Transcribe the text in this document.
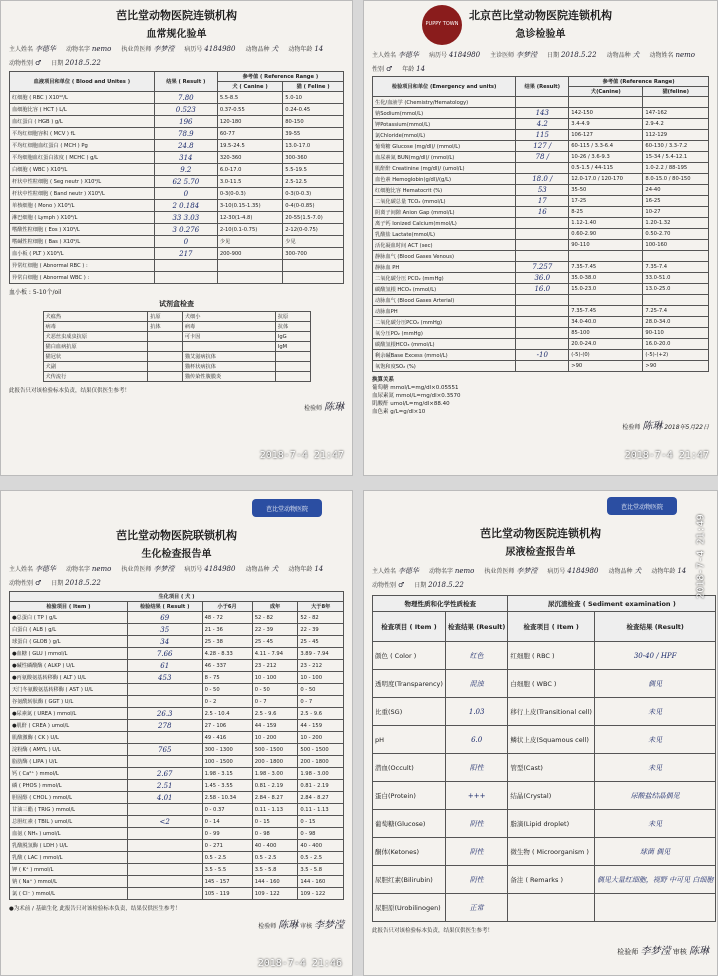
芭比堂动物医院连锁机构
血常规化验单
主人姓名 李德华 动物名字 nemo 执业兽医师 李梦滢 病历号 4184980 动物品种 犬 动物年龄 14
动物性别 ♂ 日期 2018.5.22
血液项目和单位 ( Blood and Unites )	结果 ( Result )	参考值 ( Reference Range )	
		犬 ( Canine )	猫 ( Feline )
红细胞 ( RBC ) X10¹²/L	7.80	5.5-8.5	5.0-10
血细胞比容 ( HCT ) L/L	0.523	0.37-0.55	0.24-0.45
血红蛋白 ( HGB ) g/L	196	120-180	80-150
平均红细胞容积 ( MCV ) fL	78.9	60-77	39-55
平均红细胞血红蛋白 ( MCH ) Pg	24.8	19.5-24.5	13.0-17.0
平均细胞血红蛋白浓度 ( MCHC ) g/L	314	320-360	300-360
白细胞 ( WBC ) X10⁹/L	9.2	6.0-17.0	5.5-19.5
杆状中性粒细胞 ( Seg neutr ) X10⁹/L	62 5.70	3.0-11.5	2.5-12.5
杆状中性粒细胞 ( Band neutr ) X10⁹/L	0	0-3(0-0.3)	0-3(0-0.3)
单核细胞 ( Mono ) X10⁹/L	2 0.184	3-10(0.15-1.35)	0-4(0-0.85)
淋巴细胞 ( Lymph ) X10⁹/L	33 3.03	12-30(1-4.8)	20-55(1.5-7.0)
嗜酸性粒细胞 ( Eos ) X10⁹/L	3 0.276	2-10(0.1-0.75)	2-12(0-0.75)
嗜碱性粒细胞 ( Bas ) X10⁹/L	0	少见	少见
血小板 ( PLT ) X10⁹/L	217	200-900	300-700
异常红细胞 ( Abnormal RBC ) :			
异常白细胞 ( Abnormal WBC ) :			
血小板 : 5-10个/oil
试剂盒检查
犬瘟热	抗原	犬细小	抗原
病毒	抗体	病毒	抗体
犬恶丝虫成虫抗原		可卡因	IgG
猫白血病抗原			IgM
猫冠状		猫艾滋病抗体	
犬副		猫杯状病抗体	
犬传流行		猫传染性腹膜炎	
此报告只对该检验标本负责，结果仅供医生参考！
检验师 陈琳
2018-7-4 21:47
PUPPY TOWN
北京芭比堂动物医院连锁机构
急诊检验单
主人姓名 李德华 病历号 4184980 主诊医师 李梦滢 日期 2018.5.22 动物品种 犬 动物姓名 nemo
性别 ♂ 年龄 14
检验项目和单位 (Emergency and units)	结果 (Result)	参考值 (Reference Range)	
		犬(Canine)	猫(feline)
生化/血液学 (Chemistry/Hematology)			
钠Sodium(mmol/L)	143	142-150	147-162
钾Potassium(mmol/L)	4.2	3.4-4.9	2.9-4.2
氯Chloride(mmol/L)	115	106-127	112-129
葡萄糖 Glucose (mg/dl)/ (mmol/L)	127 /	60-115 / 3.3-6.4	60-130 / 3.3-7.2
血尿素氮 BUN(mg/dl)/ (mmol/L)	78 /	10-26 / 3.6-9.3	15-34 / 5.4-12.1
肌酐酐 Creatinine (mg/dl)/ (umol/L)		0.5-1.5 / 44-115	1.0-2.2 / 88-195
血色素 Hemoglobin(g/dl)/(g/L)	18.0 /	12.0-17.0 / 120-170	8.0-15.0 / 80-150
红细胞比容 Hematocrit (%)	53	35-50	24-40
二氧化碳总量 TCO₂ (mmol/L)	17	17-25	16-25
阴离子间隙 Anion Gap (mmol/L)	16	8-25	10-27
离子钙 Ionized Calcium(mmol/L)		1.12-1.40	1.20-1.32
乳酸盐 Lactate(mmol/L)		0.60-2.90	0.50-2.70
活化凝血时间 ACT (sec)		90-110	100-160
静脉血气 (Blood Gases Venous)			
静脉血 PH	7.257	7.35-7.45	7.35-7.4
二氧化碳分压 PCO₂ (mmHg)	36.0	35.0-38.0	33.0-51.0
碳酸氢根 HCO₃ (mmol/L)	16.0	15.0-23.0	13.0-25.0
动脉血气 (Blood Gases Arterial)			
动脉血PH		7.35-7.45	7.25-7.4
二氧化碳分压PCO₂ (mmHg)		34.0-40.0	28.0-34.0
氧分压PO₂ (mmHg)		85-100	90-110
碳酸氢根HCO₃ (mmol/L)		20.0-24.0	16.0-20.0
剩余碱Base Excess (mmol/L)	-10	(-5)-(0)	(-5)-(+2)
氧饱和度SO₂ (%)		>90	>90
换算关系
葡萄糖 mmol/L=mg/dl×0.05551
血尿素氮 mmol/L=mg/dl×0.3570
肌酸酐 umol/L=mg/dl×88.40
血色素 g/L=g/dl×10
检验师 陈琳 2018年5月22日
2018-7-4 21:47
芭比堂动物医院
芭比堂动物医院联锁机构
生化检查报告单
主人姓名 李德华 动物名字 nemo 执业兽医师 李梦滢 病历号 4184980 动物品种 犬 动物年龄 14
动物性别 ♂ 日期 2018.5.22
生化项目 ( 犬 )				
检验项目 ( Item )	检验结果 ( Result )	小于6月	成年	大于8年
●总蛋白 ( TP ) g/L	69	48 - 72	52 - 82	52 - 82
白蛋白 ( ALB ) g/L	35	21 - 36	22 - 39	22 - 39
球蛋白 ( GLOB ) g/L	34	25 - 38	25 - 45	25 - 45
●血糖 ( GLU ) mmol/L	7.66	4.28 - 8.33	4.11 - 7.94	3.89 - 7.94
●碱性磷酸酶 ( ALKP ) U/L	61	46 - 337	23 - 212	23 - 212
●丙氨酸氨基转移酶 ( ALT ) U/L	453	8 - 75	10 - 100	10 - 100
天门冬氨酸氨基转移酶 ( AST ) U/L		0 - 50	0 - 50	0 - 50
谷氨酰转肽酶 ( GGT ) U/L		0 - 2	0 - 7	0 - 7
●尿素氮 ( UREA ) mmol/L	26.3	2.5 - 10.4	2.5 - 9.6	2.5 - 9.6
●肌酐 ( CREA ) umol/L	278	27 - 106	44 - 159	44 - 159
肌酸激酶 ( CK ) U/L		49 - 416	10 - 200	10 - 200
淀粉酶 ( AMYL ) U/L	765	300 - 1300	500 - 1500	500 - 1500
脂肪酶 ( LIPA ) U/L		100 - 1500	200 - 1800	200 - 1800
钙 ( Ca²⁺ ) mmol/L	2.67	1.98 - 3.15	1.98 - 3.00	1.98 - 3.00
磷 ( PHOS ) mmol/L	2.51	1.45 - 3.55	0.81 - 2.19	0.81 - 2.19
胆固醇 ( CHOL ) mmol/L	4.01	2.58 - 10.34	2.84 - 8.27	2.84 - 8.27
甘油三酯 ( TRIG ) mmol/L		0 - 0.37	0.11 - 1.13	0.11 - 1.13
总胆红素 ( TBIL ) umol/L	<2	0 - 14	0 - 15	0 - 15
血氨 ( NH₃ ) umol/L		0 - 99	0 - 98	0 - 98
乳酸脱氢酶 ( LDH ) U/L		0 - 271	40 - 400	40 - 400
乳酸 ( LAC ) mmol/L		0.5 - 2.5	0.5 - 2.5	0.5 - 2.5
钾 ( K⁺ ) mmol/L		3.5 - 5.5	3.5 - 5.8	3.5 - 5.8
钠 ( Na⁺ ) mmol/L		145 - 157	144 - 160	144 - 160
氯 ( Cl⁻ ) mmol/L		105 - 119	109 - 122	109 - 122
●为术前 / 基础生化 此报告只对该检验标本负责，结果仅供医生参考！
检验师 陈琳 审核 李梦滢
2018-7-4 21:46
芭比堂动物医院
芭比堂动物医院连锁机构
尿液检查报告单
主人姓名 李德华 动物名字 nemo 执业兽医师 李梦滢 病历号 4184980 动物品种 犬 动物年龄 14
动物性别 ♂ 日期 2018.5.22
物理性质和化学性质检查		尿沉渣检查 ( Sediment examination )	
检查项目 ( Item )	检查结果 (Result)	检查项目 ( Item )	检查结果 (Result)
颜色 ( Color )	红色	红细胞 ( RBC )	30-40 / HPF
透明度(Transparency)	混浊	白细胞 ( WBC )	偶见
比重(SG)	1.03	移行上皮(Transitional cell)	未见
pH	6.0	鳞状上皮(Squamous cell)	未见
潜血(Occult)	阳性	管型(Cast)	未见
蛋白(Protein)	+++	结晶(Crystal)	尿酸盐结晶偶见
葡萄糖(Glucose)	阴性	脂滴(Lipid droplet)	未见
酮体(Ketones)	阴性	微生物 ( Microorganism )	球菌 偶见
尿胆红素(Bilirubin)	阴性	备注 ( Remarks )	偶见大量红细胞，视野 中可见 白细胞
尿胆原(Urobilinogen)	正常		
此报告只对该检验标本负责，结果仅供医生参考！
检验师 李梦滢 审核 陈琳
2018-7-4 21:49
